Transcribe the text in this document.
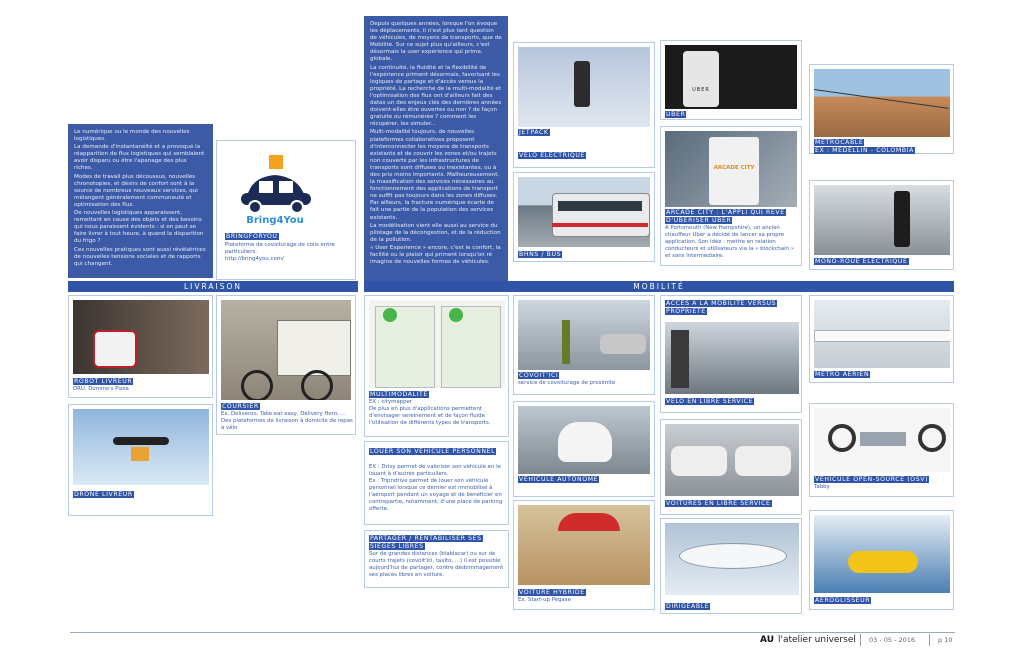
Le numérique ou le monde des nouvelles logistiques.

La demande d'instantanéité et a provoqué la réapparition de flux logistiques qui semblaient avoir disparu ou être l'apanage des plus riches.

Modes de travail plus découssus, nouvelles chronotopies, et désirs de confort sont à la source de nombreux nouveaux services, qui mélangent généralement communauté et optimisation des flux.

De nouvelles logistiques apparaissent, remettant en cause des objets et des besoins qui nous paraissent évidents : si on peut se faire livrer à tout heure, à quand la disparition du frigo ?

Ces nouvelles pratiques sont aussi révélatrices de nouvelles tensions sociales et de rapports qui changent.

Bring4You
BRINGFORYOU
Plateforme de covoiturage de colis entre particuliers.
http://bring4you.com/

Depuis quelques années, lorsque l'on évoque les déplacements, il n'est plus tant question de véhicules, de moyens de transports, que de Mobilité. Sur ce sujet plus qu'ailleurs, c'est désormais la user expérience qui prime, globale.

La continuité, la fluidité et la flexibilité de l'expérience priment désormais, favorisant les logiques de partage et d'accès versus la propriété. La recherche de la multi-modalité et l'optimisation des flux ont d'ailleurs fait des datas un des enjeux clés des dernières années doivent-elles être ouvertes ou non ? de façon gratuite ou rémunérée ? comment les récupérer, les simuler...

Multi-modalité toujours, de nouvelles plateformes collaboratives proposent d'interconnecter les moyens de transports existants et de couvrir les zones et/ou trajets non couverts par les infrastructures de transports sont diffuses ou inexistantes, ou à des prix moins importants. Malheureusement, la massification des services nécessaires au fonctionnement des applications de transport ne suffit pas toujours dans les zones diffuses. Par ailleurs, la fracture numérique écarte de fait une partie de la population des services existants.

La modélisation vient elle aussi au service du pilotage de la décongestion, et de la réduction de la pollution.

« User Experience » encore, c'est le confort, la facilité ou le plaisir qui priment lorsqu'on ré imagine de nouvelles formes de véhicules.

LIVRAISON	MOBILITÉ
JETPACK
VÉLO ÉLECTRIQUE
BHNS / BUS
UBER
UBER
ARCADE CITY
ARCADE CITY : L'APPLI QUI RÊVE D'UBERISER UBER
A Portsmouth (New Hampshire), un ancien chauffeur Uber a décidé de lancer sa propre application. Son idée : mettre en relation conducteurs et utilisateurs via la « blockchain » et sans intermédiaire.
METROCABLE
EX : MEDELLIN - COLOMBIA
MONO-ROUE ÉLECTRIQUE
ROBOT LIVREUR
DRU, Domino's Pizza
COURSIER
Ex. Deliveroo, Take eat easy, Delivery Hero, ...
Des plateformes de livraison à domicile de repas à vélo
DRONE LIVREUR
MULTIMODALITÉ
EX : citymapper
De plus en plus d'applications permettent d'envisager sereinement et de façon fluide l'utilisation de différents types de transports.
LOUER SON VÉHICULE PERSONNEL
EX : Drivy permet de valoriser son véhicule en le louant à d'autres particuliers.
Ex : Tripndrive permet de louer son véhicule personnel lorsque ce dernier est immobilisé à l'aéroport pendant un voyage et de bénéficier en contrepartie, notamment, d'une place de parking offerte.
PARTAGER / RENTABILISER SES SIÈGES LIBRES
Sur de grandes distances (blablacar) ou sur de courts trajets (covoit'ici, taxito, ...) il est possible aujourd'hui de partager, contre dédommagement ses places libres en voiture.
COVOIT'ICI
service de covoiturage de proximité
VÉHICULE AUTONOME
VOITURE HYBRIDE
Ex. Start-up Pégase
ACCÈS À LA MOBILITÉ VERSUS PROPRIÉTÉ
VÉLO EN LIBRE SERVICE
VOITURES EN LIBRE SERVICE
DIRIGEABLE
METRO AÉRIEN
VÉHICULE OPEN-SOURCE (OSV)
Tabby
AÉROGLISSEUR
AU l'atelier universel 03 - 05 - 2016	p 10
